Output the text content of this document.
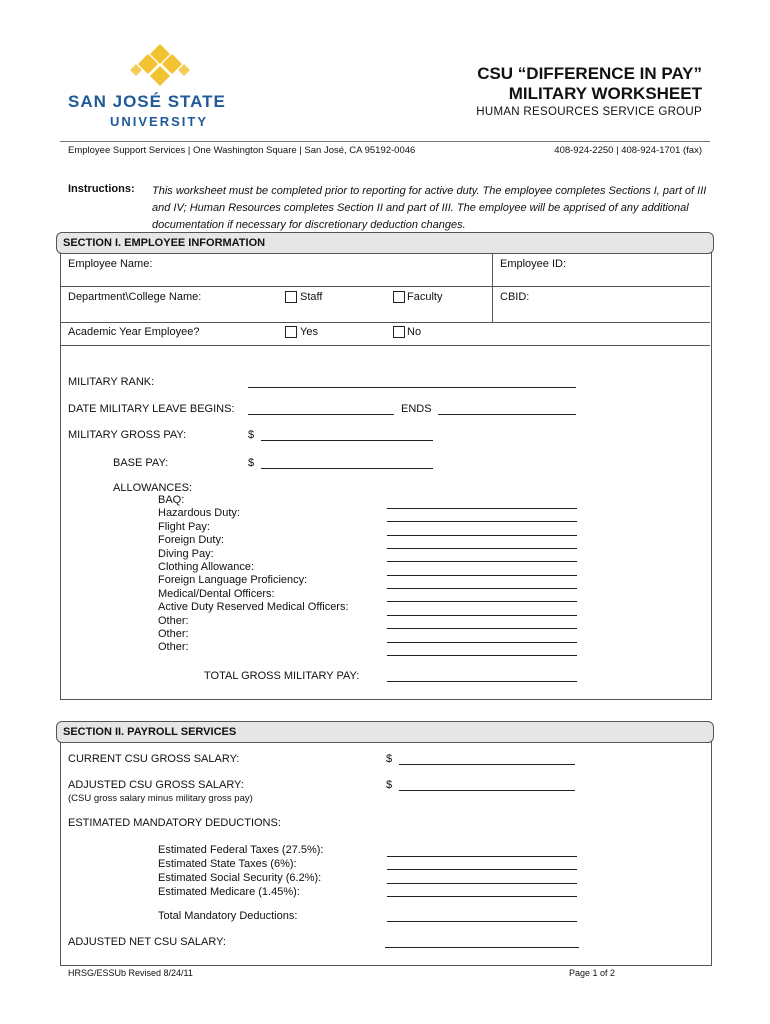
SAN JOSÉ STATE
UNIVERSITY
CSU “DIFFERENCE IN PAY”
MILITARY WORKSHEET
HUMAN RESOURCES SERVICE GROUP
Employee Support Services | One Washington Square | San José, CA 95192-0046	408-924-2250 | 408-924-1701 (fax)
Instructions: This worksheet must be completed prior to reporting for active duty. The employee completes Sections I, part of III and IV; Human Resources completes Section II and part of III. The employee will be apprised of any additional documentation if necessary for discretionary deduction changes.
SECTION I. EMPLOYEE INFORMATION
Employee Name:	Employee ID:
Department\College Name:	Staff	Faculty	CBID:
Academic Year Employee?	Yes	No
MILITARY RANK:
DATE MILITARY LEAVE BEGINS:	ENDS
MILITARY GROSS PAY:	$
BASE PAY:	$
ALLOWANCES:
BAQ:
Hazardous Duty:
Flight Pay:
Foreign Duty:
Diving Pay:
Clothing Allowance:
Foreign Language Proficiency:
Medical/Dental Officers:
Active Duty Reserved Medical Officers:
Other:
Other:
Other:
TOTAL GROSS MILITARY PAY:
SECTION II. PAYROLL SERVICES
CURRENT CSU GROSS SALARY:	$
ADJUSTED CSU GROSS SALARY:	$
(CSU gross salary minus military gross pay)
ESTIMATED MANDATORY DEDUCTIONS:
Estimated Federal Taxes (27.5%):
Estimated State Taxes (6%):
Estimated Social Security (6.2%):
Estimated Medicare (1.45%):
Total Mandatory Deductions:
ADJUSTED NET CSU SALARY:
HRSG/ESSUb Revised 8/24/11	Page 1 of 2
